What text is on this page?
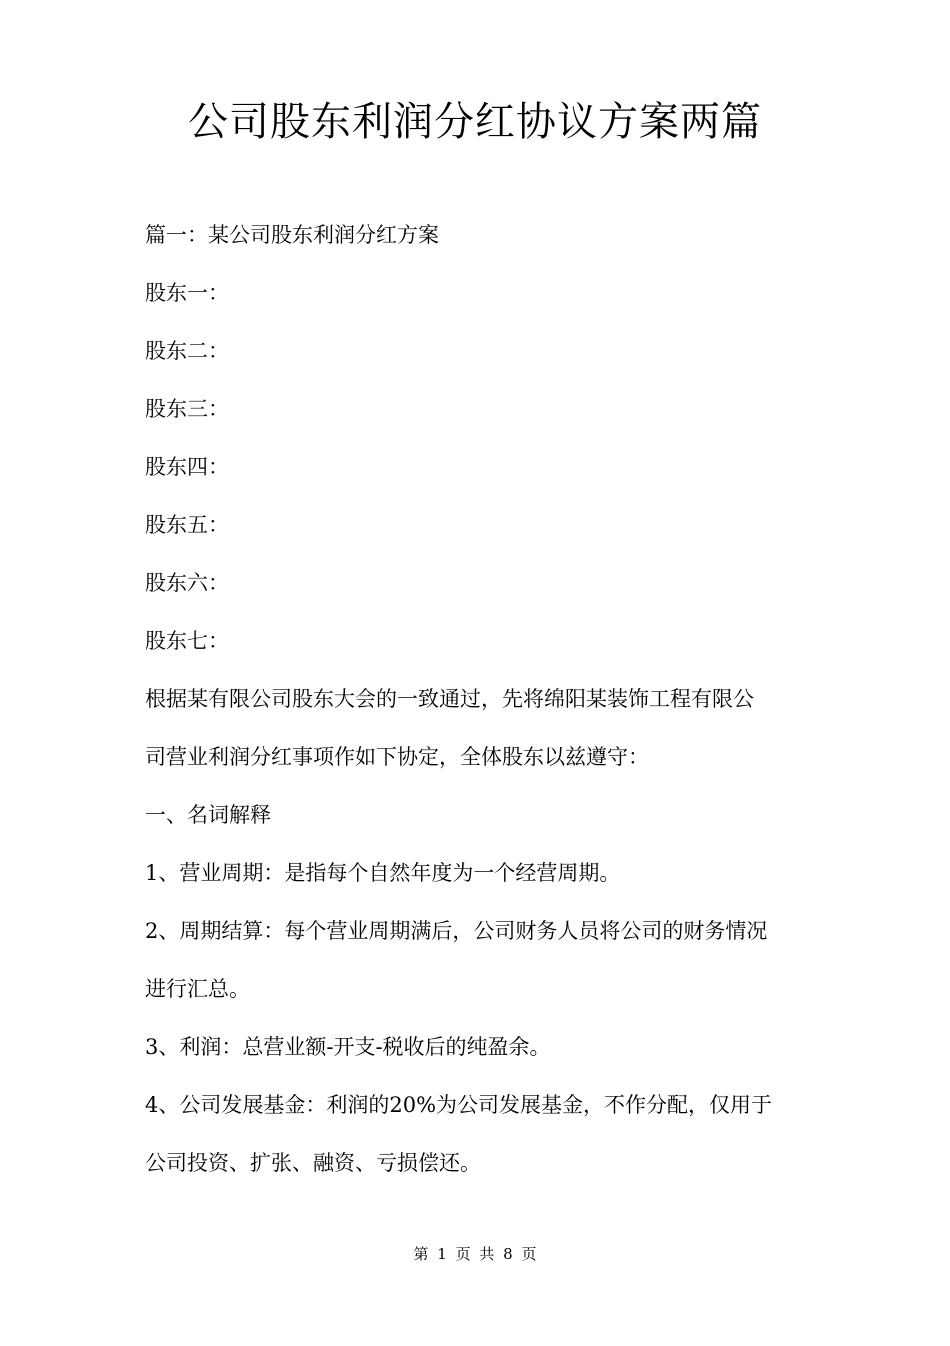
公司股东利润分红协议方案两篇
篇一：某公司股东利润分红方案
股东一：
股东二：
股东三：
股东四：
股东五：
股东六：
股东七：
根据某有限公司股东大会的一致通过，先将绵阳某装饰工程有限公
司营业利润分红事项作如下协定，全体股东以兹遵守：
一、名词解释
1、营业周期：是指每个自然年度为一个经营周期。
2、周期结算：每个营业周期满后，公司财务人员将公司的财务情况
进行汇总。
3、利润：总营业额-开支-税收后的纯盈余。
4、公司发展基金：利润的20%为公司发展基金，不作分配，仅用于
公司投资、扩张、融资、亏损偿还。
第 1 页 共 8 页
